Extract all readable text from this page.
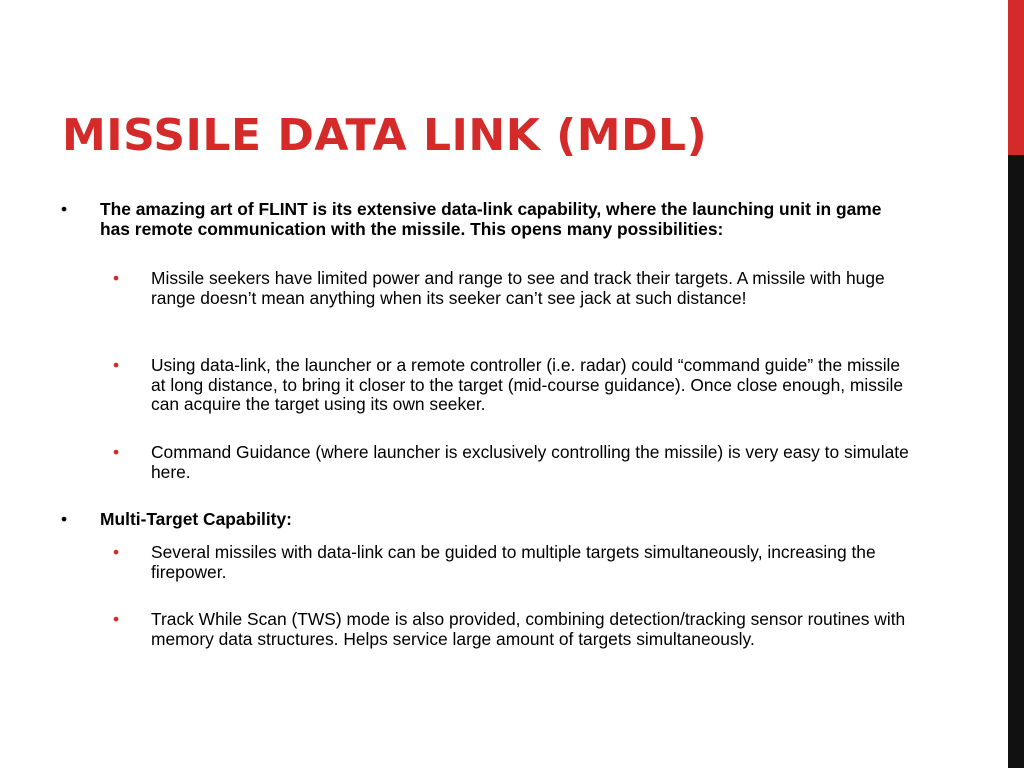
MISSILE DATA LINK (MDL)
•	The amazing art of FLINT is its extensive data-link capability, where the launching unit in game has remote communication with the missile. This opens many possibilities:
•	Missile seekers have limited power and range to see and track their targets. A missile with huge range doesn’t mean anything when its seeker can’t see jack at such distance!
•	Using data-link, the launcher or a remote controller (i.e. radar) could “command guide” the missile at long distance, to bring it closer to the target (mid-course guidance). Once close enough, missile can acquire the target using its own seeker.
•	Command Guidance (where launcher is exclusively controlling the missile) is very easy to simulate here.
•	Multi-Target Capability:
•	Several missiles with data-link can be guided to multiple targets simultaneously, increasing the firepower.
•	Track While Scan (TWS) mode is also provided, combining detection/tracking sensor routines with memory data structures. Helps service large amount of targets simultaneously.
